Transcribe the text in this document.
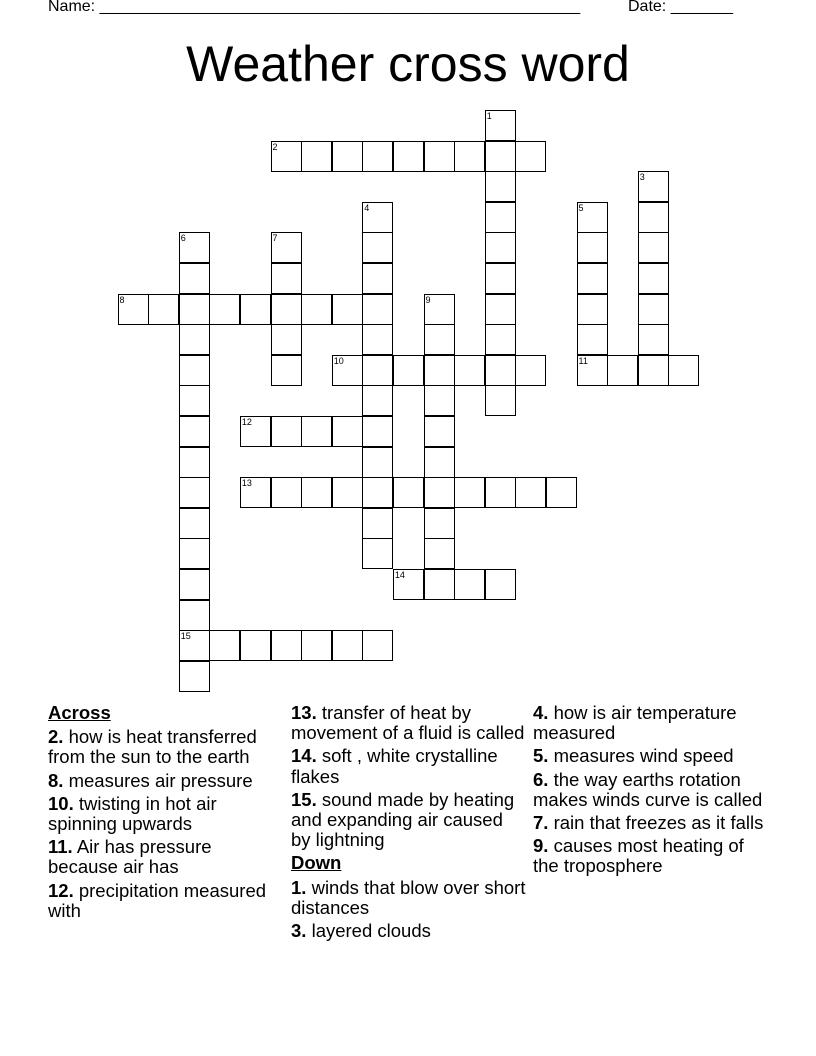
Name: ______________________________________________________	Date: _______
Weather cross word
1
2
3
4	5
11
6
15
7
8	9
10
12
13
14

Across

2. how is heat transferred from the sun to the earth

8. measures air pressure

10. twisting in hot air spinning upwards

11. Air has pressure because air has

12. precipitation measured with

13. transfer of heat by movement of a fluid is called

14. soft , white crystalline flakes

15. sound made by heating and expanding air caused by lightning

Down

1. winds that blow over short distances

3. layered clouds

4. how is air temperature measured

5. measures wind speed

6. the way earths rotation makes winds curve is called

7. rain that freezes as it falls

9. causes most heating of the troposphere
